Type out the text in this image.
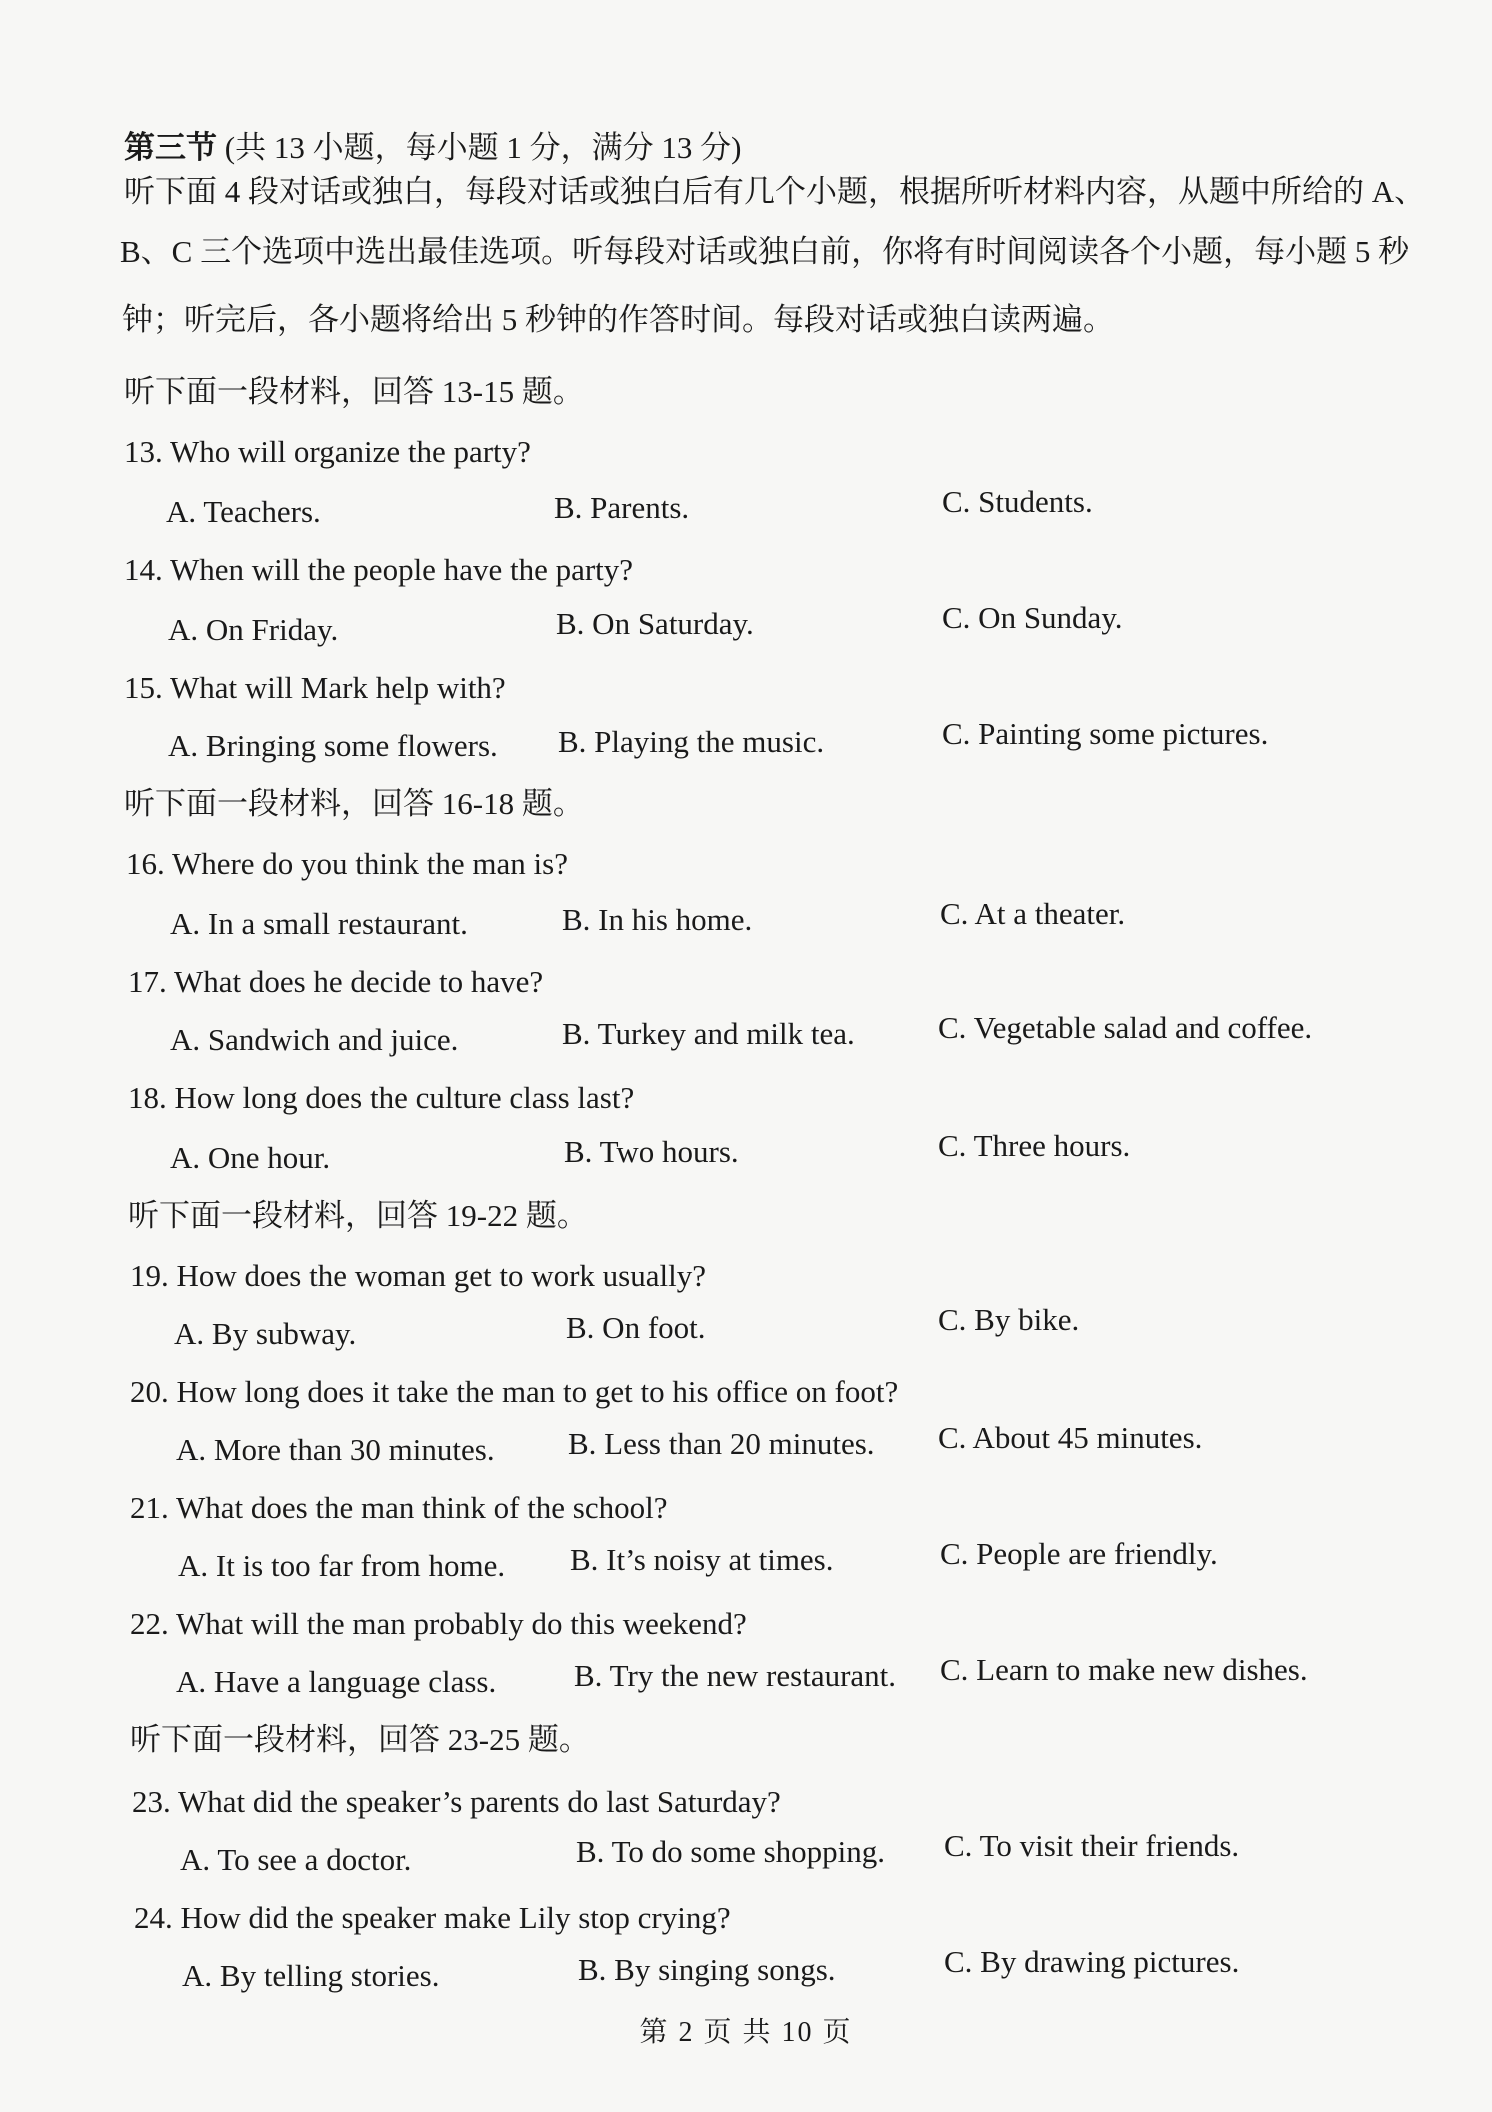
第三节 (共 13 小题，每小题 1 分，满分 13 分)
听下面 4 段对话或独白，每段对话或独白后有几个小题，根据所听材料内容，从题中所给的 A、
B、C 三个选项中选出最佳选项。听每段对话或独白前，你将有时间阅读各个小题，每小题 5 秒
钟；听完后，各小题将给出 5 秒钟的作答时间。每段对话或独白读两遍。
听下面一段材料，回答 13-15 题。
13. Who will organize the party?
A. Teachers.	B. Parents.	C. Students.
14. When will the people have the party?
A. On Friday.	B. On Saturday.	C. On Sunday.
15. What will Mark help with?
A. Bringing some flowers. B. Playing the music.	C. Painting some pictures.
听下面一段材料，回答 16-18 题。
16. Where do you think the man is?
A. In a small restaurant.	B. In his home.	C. At a theater.
17. What does he decide to have?
A. Sandwich and juice.	B. Turkey and milk tea.	C. Vegetable salad and coffee.
18. How long does the culture class last?
A. One hour.	B. Two hours.	C. Three hours.
听下面一段材料，回答 19-22 题。
19. How does the woman get to work usually?
A. By subway.	B. On foot.	C. By bike.
20. How long does it take the man to get to his office on foot?
A. More than 30 minutes. B. Less than 20 minutes. C. About 45 minutes.
21. What does the man think of the school?
A. It is too far from home. B. It’s noisy at times.	C. People are friendly.
22. What will the man probably do this weekend?
A. Have a language class.	B. Try the new restaurant. C. Learn to make new dishes.
听下面一段材料，回答 23-25 题。
23. What did the speaker’s parents do last Saturday?
A. To see a doctor.	B. To do some shopping. C. To visit their friends.
24. How did the speaker make Lily stop crying?
A. By telling stories.	B. By singing songs.	C. By drawing pictures.
第 2 页 共 10 页
